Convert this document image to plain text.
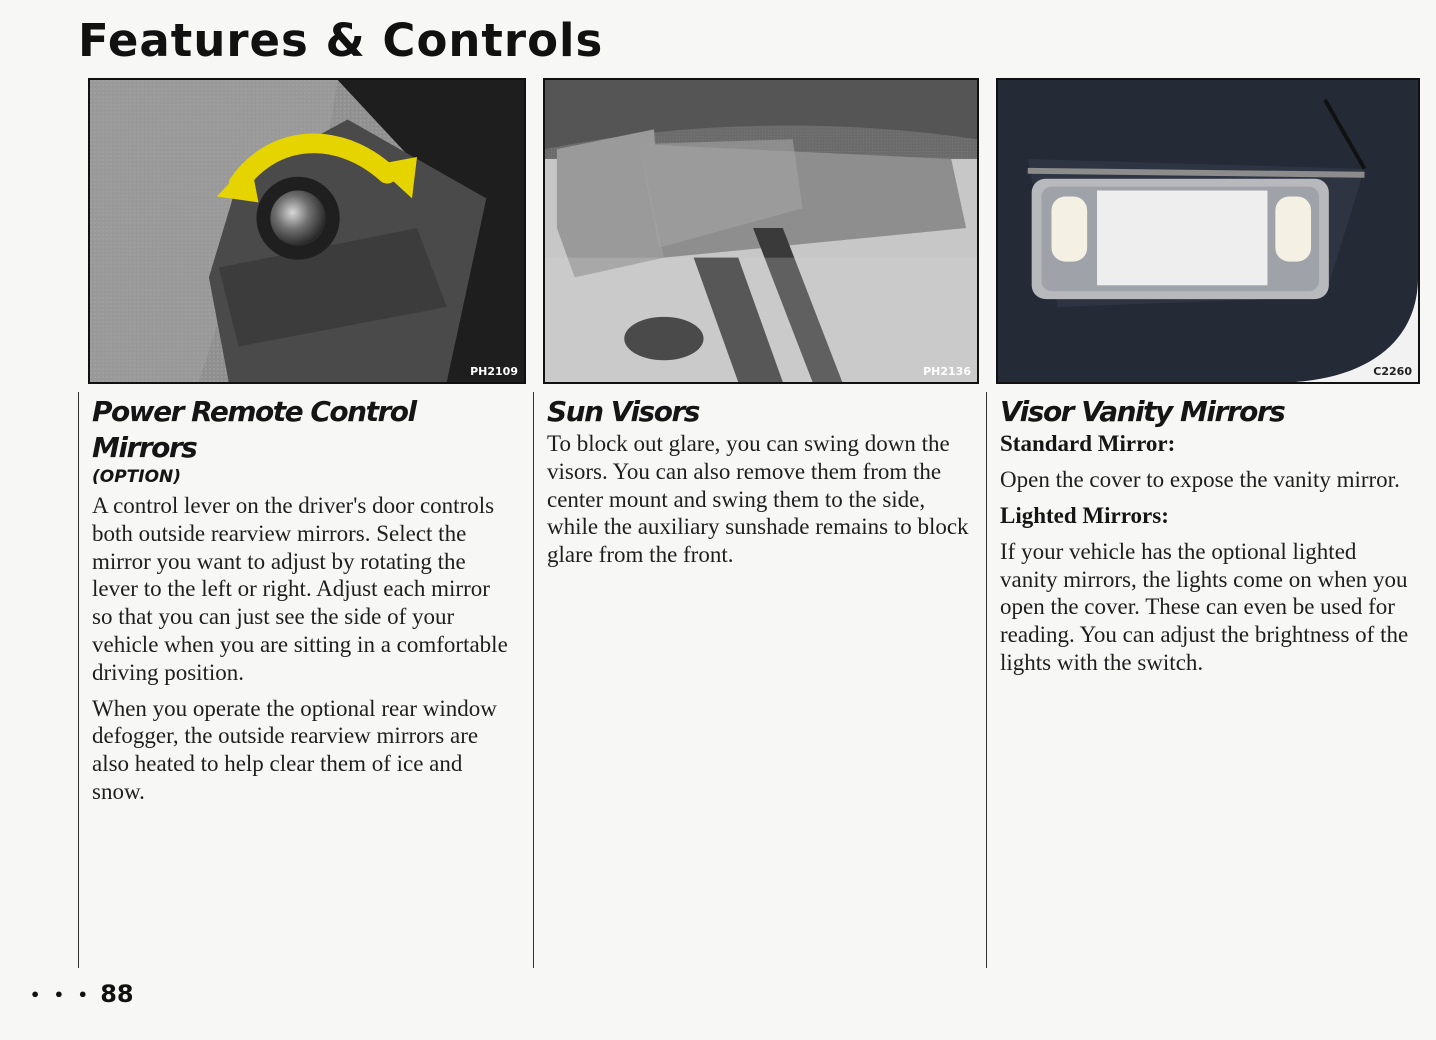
Features & Controls
PH2109	PH2136	C2260
Power Remote Control Mirrors
(OPTION)

A control lever on the driver's door controls both outside rearview mirrors. Select the mirror you want to adjust by rotating the lever to the left or right. Adjust each mirror so that you can just see the side of your vehicle when you are sitting in a comfortable driving position.

When you operate the optional rear window defogger, the outside rearview mirrors are also heated to help clear them of ice and snow.

Sun Visors

To block out glare, you can swing down the visors. You can also remove them from the center mount and swing them to the side, while the auxiliary sunshade remains to block glare from the front.

Visor Vanity Mirrors
Standard Mirror:

Open the cover to expose the vanity mirror.

Lighted Mirrors:

If your vehicle has the optional lighted vanity mirrors, the lights come on when you open the cover. These can even be used for reading. You can adjust the brightness of the lights with the switch.

• • • 88
